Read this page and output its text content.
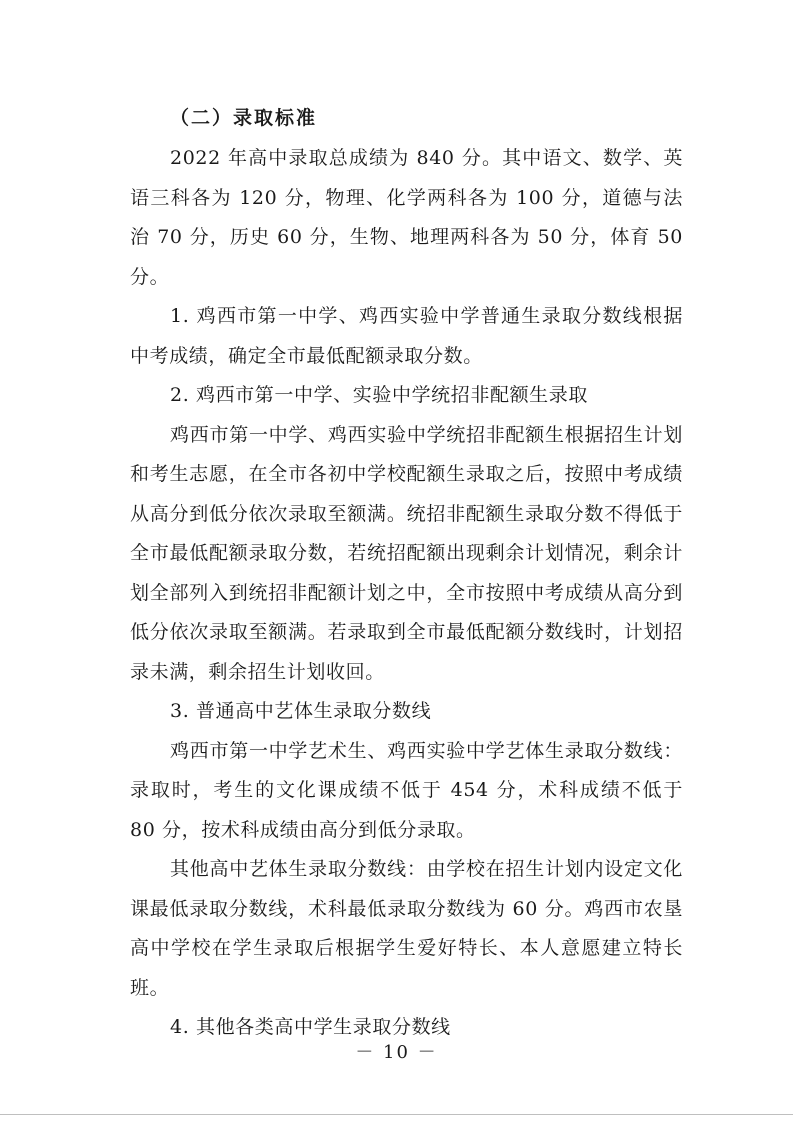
（二）录取标准

2022 年高中录取总成绩为 840 分。其中语文、数学、英语三科各为 120 分，物理、化学两科各为 100 分，道德与法治 70 分，历史 60 分，生物、地理两科各为 50 分，体育 50 分。

1. 鸡西市第一中学、鸡西实验中学普通生录取分数线根据中考成绩，确定全市最低配额录取分数。

2. 鸡西市第一中学、实验中学统招非配额生录取

鸡西市第一中学、鸡西实验中学统招非配额生根据招生计划和考生志愿，在全市各初中学校配额生录取之后，按照中考成绩从高分到低分依次录取至额满。统招非配额生录取分数不得低于全市最低配额录取分数，若统招配额出现剩余计划情况，剩余计划全部列入到统招非配额计划之中，全市按照中考成绩从高分到低分依次录取至额满。若录取到全市最低配额分数线时，计划招录未满，剩余招生计划收回。

3. 普通高中艺体生录取分数线

鸡西市第一中学艺术生、鸡西实验中学艺体生录取分数线：录取时，考生的文化课成绩不低于 454 分，术科成绩不低于 80 分，按术科成绩由高分到低分录取。

其他高中艺体生录取分数线：由学校在招生计划内设定文化课最低录取分数线，术科最低录取分数线为 60 分。鸡西市农垦高中学校在学生录取后根据学生爱好特长、本人意愿建立特长班。

4. 其他各类高中学生录取分数线

－ 10 －
